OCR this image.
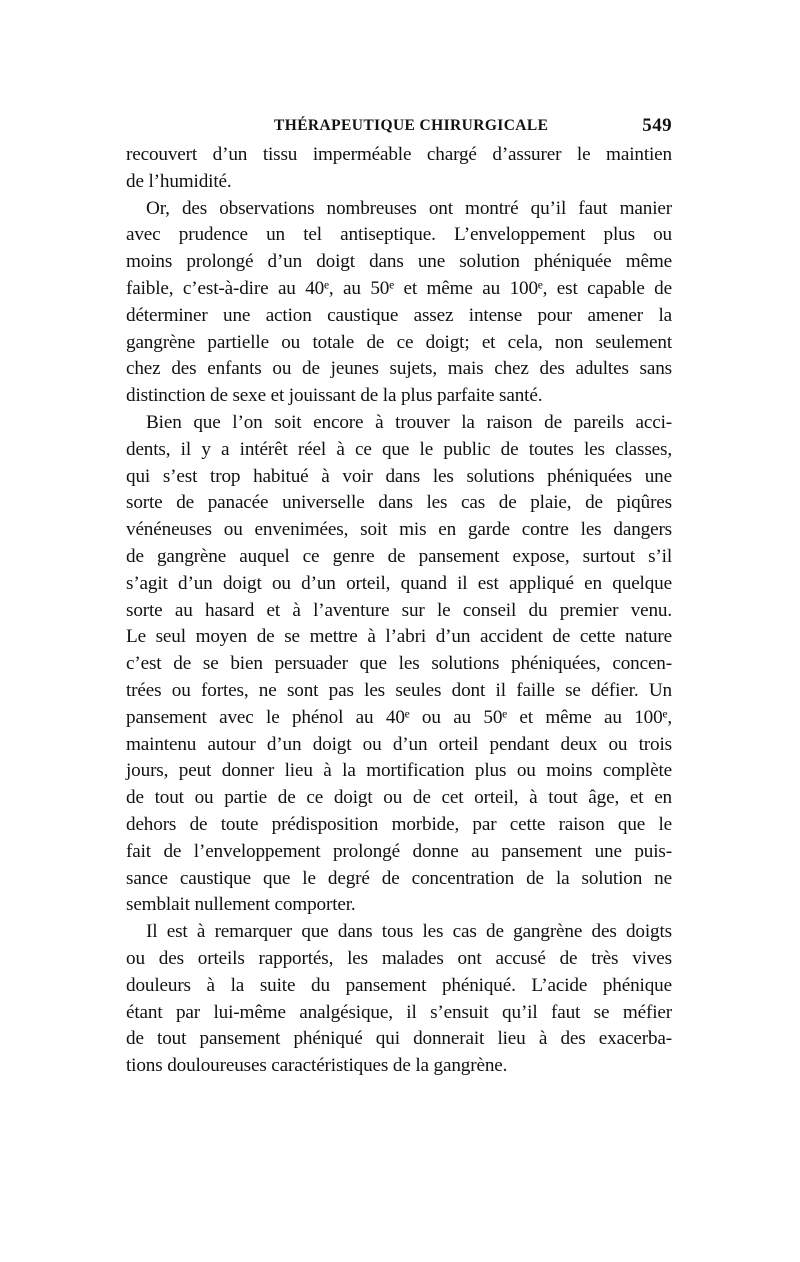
THÉRAPEUTIQUE CHIRURGICALE	549

recouvert d’un tissu imperméable chargé d’assurer le maintien
de l’humidité.

Or, des observations nombreuses ont montré qu’il faut manier
avec prudence un tel antiseptique. L’enveloppement plus ou
moins prolongé d’un doigt dans une solution phéniquée même
faible, c’est-à-dire au 40ᵉ, au 50ᵉ et même au 100ᵉ, est capable de
déterminer une action caustique assez intense pour amener la
gangrène partielle ou totale de ce doigt; et cela, non seulement
chez des enfants ou de jeunes sujets, mais chez des adultes sans
distinction de sexe et jouissant de la plus parfaite santé.

Bien que l’on soit encore à trouver la raison de pareils acci-
dents, il y a intérêt réel à ce que le public de toutes les classes,
qui s’est trop habitué à voir dans les solutions phéniquées une
sorte de panacée universelle dans les cas de plaie, de piqûres
vénéneuses ou envenimées, soit mis en garde contre les dangers
de gangrène auquel ce genre de pansement expose, surtout s’il
s’agit d’un doigt ou d’un orteil, quand il est appliqué en quelque
sorte au hasard et à l’aventure sur le conseil du premier venu.
Le seul moyen de se mettre à l’abri d’un accident de cette nature
c’est de se bien persuader que les solutions phéniquées, concen-
trées ou fortes, ne sont pas les seules dont il faille se défier. Un
pansement avec le phénol au 40ᵉ ou au 50ᵉ et même au 100ᵉ,
maintenu autour d’un doigt ou d’un orteil pendant deux ou trois
jours, peut donner lieu à la mortification plus ou moins complète
de tout ou partie de ce doigt ou de cet orteil, à tout âge, et en
dehors de toute prédisposition morbide, par cette raison que le
fait de l’enveloppement prolongé donne au pansement une puis-
sance caustique que le degré de concentration de la solution ne
semblait nullement comporter.

Il est à remarquer que dans tous les cas de gangrène des doigts
ou des orteils rapportés, les malades ont accusé de très vives
douleurs à la suite du pansement phéniqué. L’acide phénique
étant par lui-même analgésique, il s’ensuit qu’il faut se méfier
de tout pansement phéniqué qui donnerait lieu à des exacerba-
tions douloureuses caractéristiques de la gangrène.
